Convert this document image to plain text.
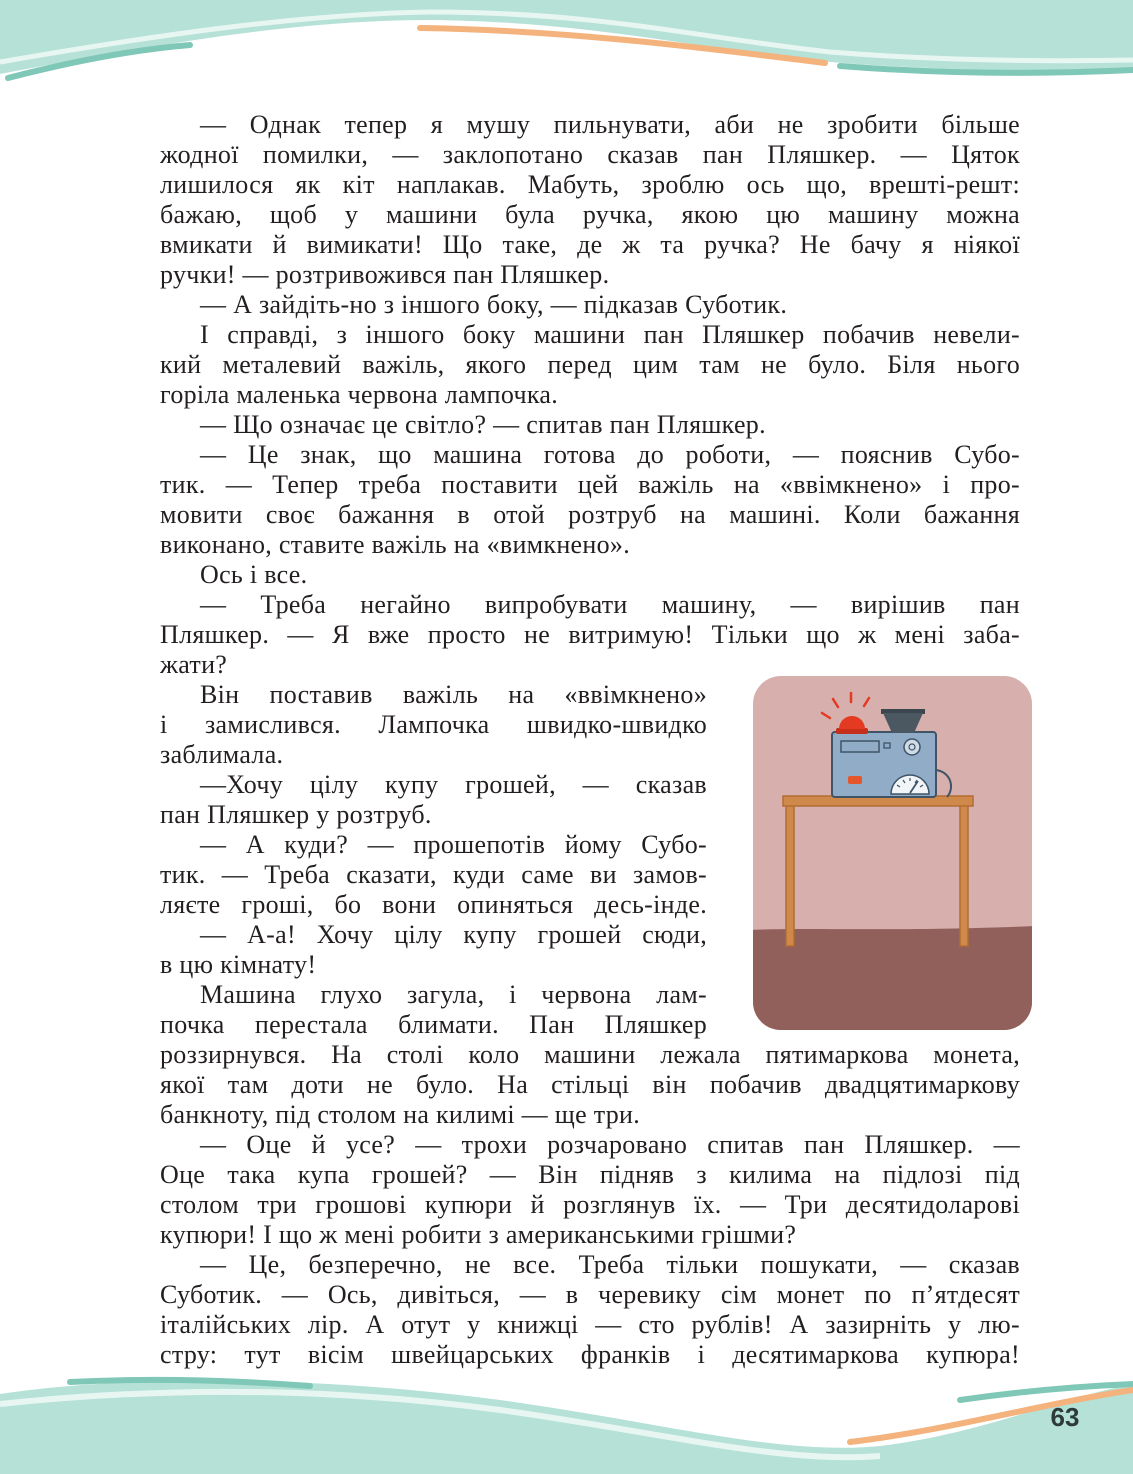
— Однак тепер я мушу пильнувати, аби не зробити більше
жодної помилки, — заклопотано сказав пан Пляшкер. — Цяток
лишилося як кіт наплакав. Мабуть, зроблю ось що, врешті-решт:
бажаю, щоб у машини була ручка, якою цю машину можна
вмикати й вимикати! Що таке, де ж та ручка? Не бачу я ніякої
ручки! — розтривожився пан Пляшкер.
— А зайдіть-но з іншого боку, — підказав Суботик.
І справді, з іншого боку машини пан Пляшкер побачив невели-
кий металевий важіль, якого перед цим там не було. Біля нього
горіла маленька червона лампочка.
— Що означає це світло? — спитав пан Пляшкер.
— Це знак, що машина готова до роботи, — пояснив Субо-
тик. — Тепер треба поставити цей важіль на «ввімкнено» і про-
мовити своє бажання в отой розтруб на машині. Коли бажання
виконано, ставите важіль на «вимкнено».
Ось і все.
— Треба негайно випробувати машину, — вирішив пан
Пляшкер. — Я вже просто не витримую! Тільки що ж мені заба-
жати?
Він поставив важіль на «ввімкнено»
і замислився. Лампочка швидко-швидко
заблимала.
—Хочу цілу купу грошей, — сказав
пан Пляшкер у розтруб.
— А куди? — прошепотів йому Субо-
тик. — Треба сказати, куди саме ви замов-
ляєте гроші, бо вони опиняться десь-інде.
— А-а! Хочу цілу купу грошей сюди,
в цю кімнату!
Машина глухо загула, і червона лам-
почка перестала блимати. Пан Пляшкер
роззирнувся. На столі коло машини лежала пятимаркова монета,
якої там доти не було. На стільці він побачив двадцятимаркову
банкноту, під столом на килимі — ще три.
— Оце й усе? — трохи розчаровано спитав пан Пляшкер. —
Оце така купа грошей? — Він підняв з килима на підлозі під
столом три грошові купюри й розглянув їх. — Три десятидоларові
купюри! І що ж мені робити з американськими грішми?
— Це, безперечно, не все. Треба тільки пошукати, — сказав
Суботик. — Ось, дивіться, — в черевику сім монет по п’ятдесят
італійських лір. А отут у книжці — сто рублів! А зазирніть у лю-
стру: тут вісім швейцарських франків і десятимаркова купюра!
63
